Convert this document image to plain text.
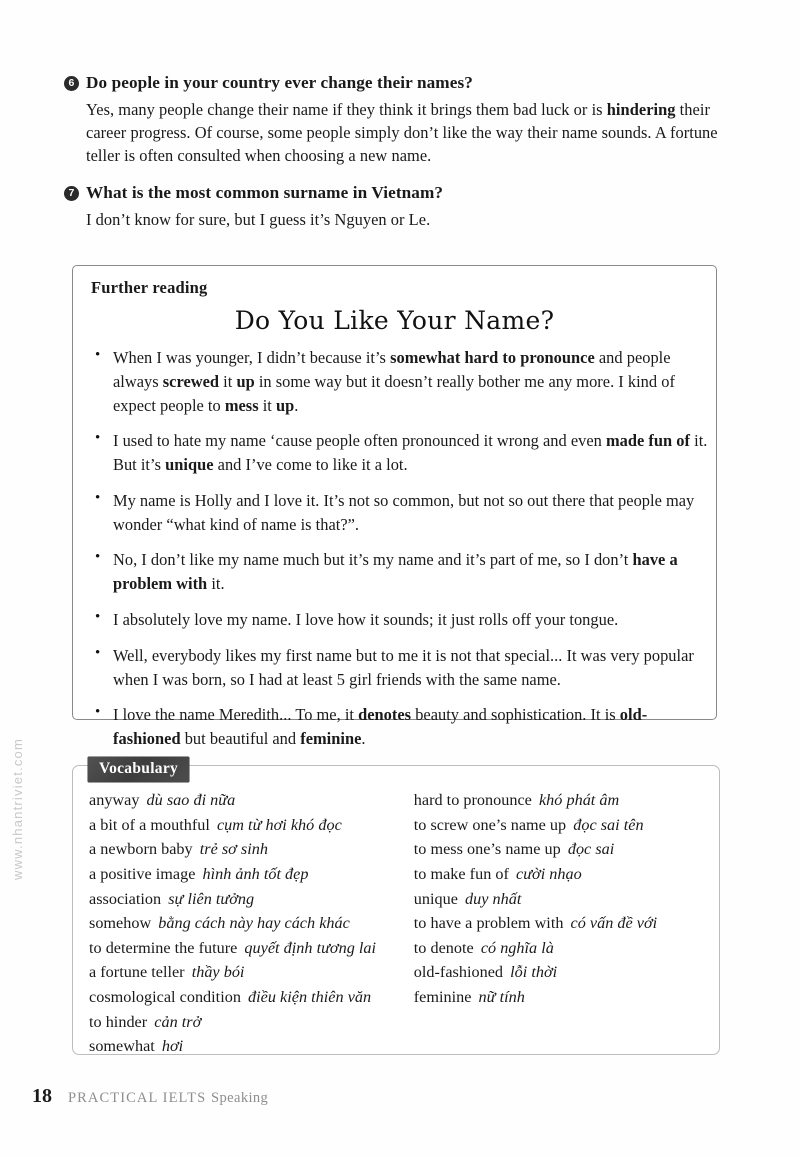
www.nhantriviet.com
6 Do people in your country ever change their names?
Yes, many people change their name if they think it brings them bad luck or is hindering their career progress. Of course, some people simply don’t like the way their name sounds. A fortune teller is often consulted when choosing a new name.
7 What is the most common surname in Vietnam?
I don’t know for sure, but I guess it’s Nguyen or Le.
Further reading
Do You Like Your Name?
• When I was younger, I didn’t because it’s somewhat hard to pronounce and people always screwed it up in some way but it doesn’t really bother me any more. I kind of expect people to mess it up.
• I used to hate my name ‘cause people often pronounced it wrong and even made fun of it. But it’s unique and I’ve come to like it a lot.
• My name is Holly and I love it. It’s not so common, but not so out there that people may wonder “what kind of name is that?”.
• No, I don’t like my name much but it’s my name and it’s part of me, so I don’t have a problem with it.
• I absolutely love my name. I love how it sounds; it just rolls off your tongue.
• Well, everybody likes my first name but to me it is not that special... It was very popular when I was born, so I had at least 5 girl friends with the same name.
• I love the name Meredith... To me, it denotes beauty and sophistication. It is old-fashioned but beautiful and feminine.
anyway dù sao đi nữa
a bit of a mouthful cụm từ hơi khó đọc
a newborn baby trẻ sơ sinh
a positive image hình ảnh tốt đẹp
association sự liên tưởng
somehow bằng cách này hay cách khác
to determine the future quyết định tương lai
a fortune teller thầy bói
cosmological condition điều kiện thiên văn
to hinder cản trở
somewhat hơi
hard to pronounce khó phát âm
to screw one’s name up đọc sai tên
to mess one’s name up đọc sai
to make fun of cười nhạo
unique duy nhất
to have a problem with có vấn đề với
to denote có nghĩa là
old-fashioned lỗi thời
feminine nữ tính
Vocabulary
18 PRACTICAL IELTS Speaking
